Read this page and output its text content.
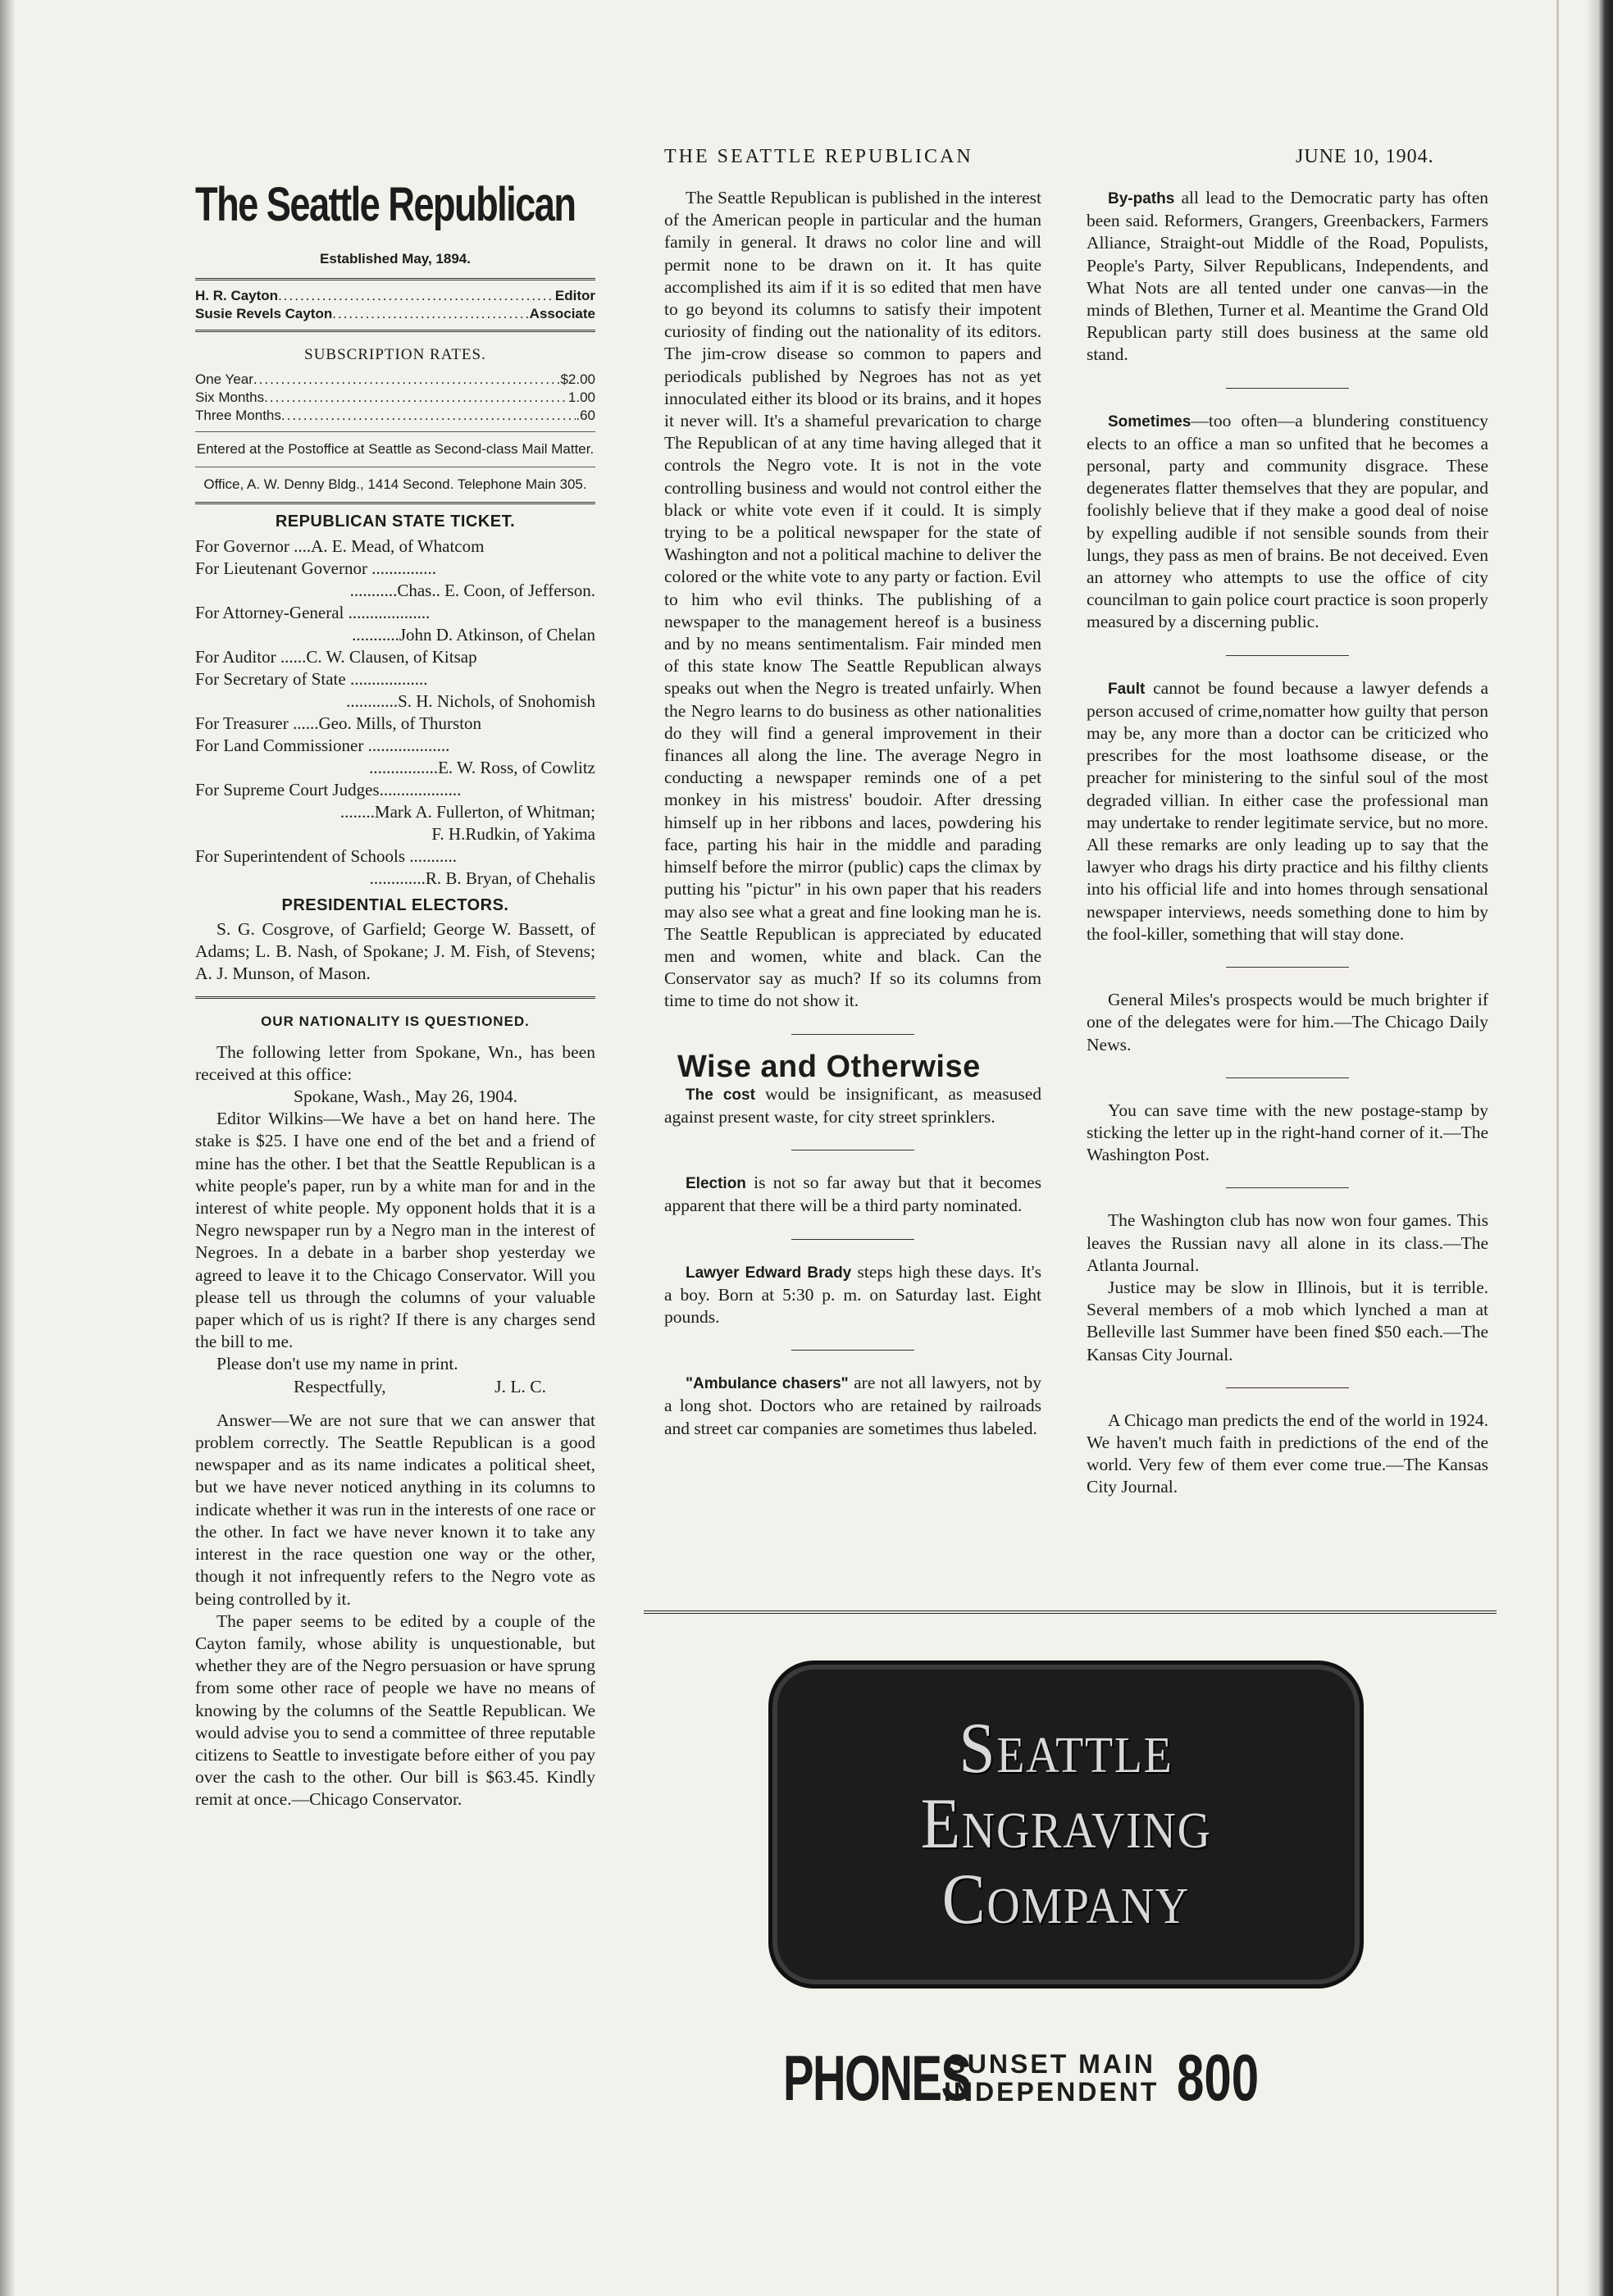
THE SEATTLE REPUBLICAN	JUNE 10, 1904.
The Seattle Republican
Established May, 1894.
H. R. Cayton .....	Editor
Susie Revels Cayton .....	Associate
SUBSCRIPTION RATES.
One Year .....	$2.00
Six Months .....	1.00
Three Months .....	.60
Entered at the Postoffice at Seattle as Second-class Mail Matter.
Office, A. W. Denny Bldg., 1414 Second. Telephone Main 305.
REPUBLICAN STATE TICKET.
For Governor ....A. E. Mead, of Whatcom
For Lieutenant Governor ...............
...........Chas.. E. Coon, of Jefferson.
For Attorney-General ...................
...........John D. Atkinson, of Chelan
For Auditor ......C. W. Clausen, of Kitsap
For Secretary of State ..................
............S. H. Nichols, of Snohomish
For Treasurer ......Geo. Mills, of Thurston
For Land Commissioner ...................
................E. W. Ross, of Cowlitz
For Supreme Court Judges...................
........Mark A. Fullerton, of Whitman;
F. H.Rudkin, of Yakima
For Superintendent of Schools ...........
.............R. B. Bryan, of Chehalis
PRESIDENTIAL ELECTORS.

S. G. Cosgrove, of Garfield; George W. Bassett, of Adams; L. B. Nash, of Spokane; J. M. Fish, of Stevens; A. J. Munson, of Mason.

OUR NATIONALITY IS QUESTIONED.

The following letter from Spokane, Wn., has been received at this office:

Spokane, Wash., May 26, 1904.

Editor Wilkins—We have a bet on hand here. The stake is $25. I have one end of the bet and a friend of mine has the other. I bet that the Seattle Republican is a white people's paper, run by a white man for and in the interest of white people. My opponent holds that it is a Negro newspaper run by a Negro man in the interest of Negroes. In a debate in a barber shop yesterday we agreed to leave it to the Chicago Conservator. Will you please tell us through the columns of your valuable paper which of us is right? If there is any charges send the bill to me.

Please don't use my name in print.

Respectfully,	J. L. C.

Answer—We are not sure that we can answer that problem correctly. The Seattle Republican is a good newspaper and as its name indicates a political sheet, but we have never noticed anything in its columns to indicate whether it was run in the interests of one race or the other. In fact we have never known it to take any interest in the race question one way or the other, though it not infrequently refers to the Negro vote as being controlled by it.

The paper seems to be edited by a couple of the Cayton family, whose ability is unquestionable, but whether they are of the Negro persuasion or have sprung from some other race of people we have no means of knowing by the columns of the Seattle Republican. We would advise you to send a committee of three reputable citizens to Seattle to investigate before either of you pay over the cash to the other. Our bill is $63.45. Kindly remit at once.—Chicago Conservator.

The Seattle Republican is published in the interest of the American people in particular and the human family in general. It draws no color line and will permit none to be drawn on it. It has quite accomplished its aim if it is so edited that men have to go beyond its columns to satisfy their impotent curiosity of finding out the nationality of its editors. The jim-crow disease so common to papers and periodicals published by Negroes has not as yet innoculated either its blood or its brains, and it hopes it never will. It's a shameful prevarication to charge The Republican of at any time having alleged that it controls the Negro vote. It is not in the vote controlling business and would not control either the black or white vote even if it could. It is simply trying to be a political newspaper for the state of Washington and not a political machine to deliver the colored or the white vote to any party or faction. Evil to him who evil thinks. The publishing of a newspaper to the management hereof is a business and by no means sentimentalism. Fair minded men of this state know The Seattle Republican always speaks out when the Negro is treated unfairly. When the Negro learns to do business as other nationalities do they will find a general improvement in their finances all along the line. The average Negro in conducting a newspaper reminds one of a pet monkey in his mistress' boudoir. After dressing himself up in her ribbons and laces, powdering his face, parting his hair in the middle and parading himself before the mirror (public) caps the climax by putting his "pictur" in his own paper that his readers may also see what a great and fine looking man he is. The Seattle Republican is appreciated by educated men and women, white and black. Can the Conservator say as much? If so its columns from time to time do not show it.

Wise and Otherwise

The cost would be insignificant, as measused against present waste, for city street sprinklers.

Election is not so far away but that it becomes apparent that there will be a third party nominated.

Lawyer Edward Brady steps high these days. It's a boy. Born at 5:30 p. m. on Saturday last. Eight pounds.

"Ambulance chasers" are not all lawyers, not by a long shot. Doctors who are retained by railroads and street car companies are sometimes thus labeled.

By-paths all lead to the Democratic party has often been said. Reformers, Grangers, Greenbackers, Farmers Alliance, Straight-out Middle of the Road, Populists, People's Party, Silver Republicans, Independents, and What Nots are all tented under one canvas—in the minds of Blethen, Turner et al. Meantime the Grand Old Republican party still does business at the same old stand.

Sometimes—too often—a blundering constituency elects to an office a man so unfited that he becomes a personal, party and community disgrace. These degenerates flatter themselves that they are popular, and foolishly believe that if they make a good deal of noise by expelling audible if not sensible sounds from their lungs, they pass as men of brains. Be not deceived. Even an attorney who attempts to use the office of city councilman to gain police court practice is soon properly measured by a discerning public.

Fault cannot be found because a lawyer defends a person accused of crime,nomatter how guilty that person may be, any more than a doctor can be criticized who prescribes for the most loathsome disease, or the preacher for ministering to the sinful soul of the most degraded villian. In either case the professional man may undertake to render legitimate service, but no more. All these remarks are only leading up to say that the lawyer who drags his dirty practice and his filthy clients into his official life and into homes through sensational newspaper interviews, needs something done to him by the fool-killer, something that will stay done.

General Miles's prospects would be much brighter if one of the delegates were for him.—The Chicago Daily News.

You can save time with the new postage-stamp by sticking the letter up in the right-hand corner of it.—The Washington Post.

The Washington club has now won four games. This leaves the Russian navy all alone in its class.—The Atlanta Journal.

Justice may be slow in Illinois, but it is terrible. Several members of a mob which lynched a man at Belleville last Summer have been fined $50 each.—The Kansas City Journal.

A Chicago man predicts the end of the world in 1924. We haven't much faith in predictions of the end of the world. Very few of them ever come true.—The Kansas City Journal.

Seattle
Engraving
Company
PHONES
SUNSET MAIN
INDEPENDENT 800
